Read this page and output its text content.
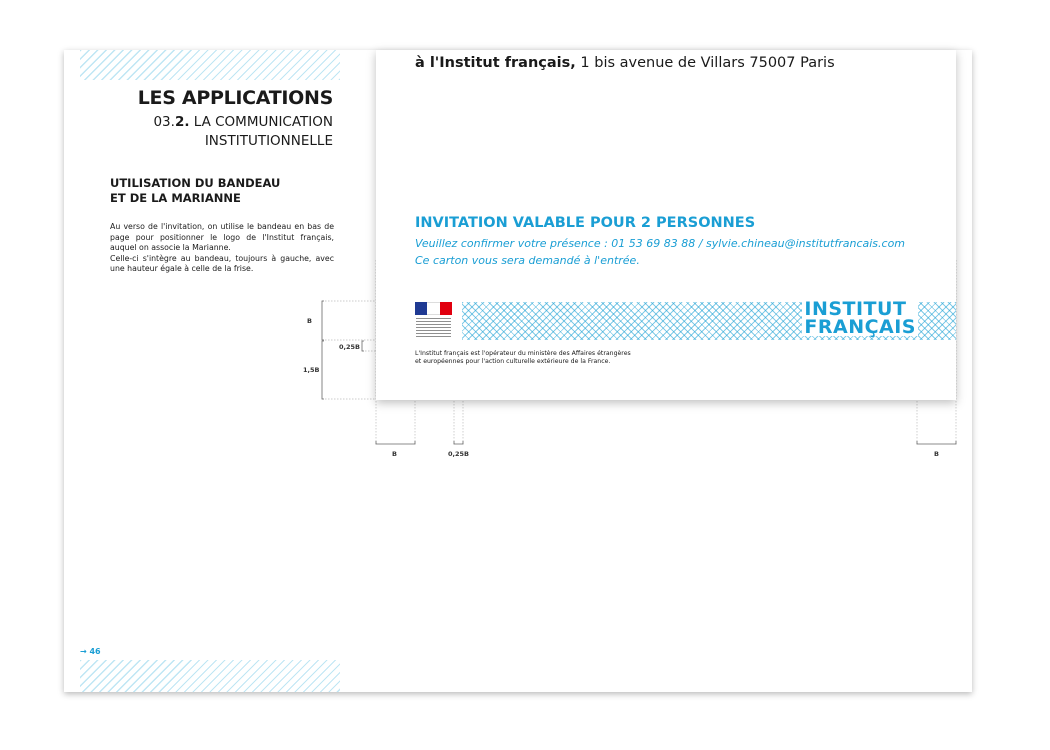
LES APPLICATIONS
03.2. LA COMMUNICATION
INSTITUTIONNELLE
UTILISATION DU BANDEAU
ET DE LA MARIANNE

Au verso de l'invitation, on utilise le bandeau en bas de page pour positionner le logo de l'Institut français, auquel on associe la Marianne.

Celle-ci s'intègre au bandeau, toujours à gauche, avec une hauteur égale à celle de la frise.

→ 46
B
0,25B
1,5B
B	0,25B	B
à l'Institut français, 1 bis avenue de Villars 75007 Paris
INVITATION VALABLE POUR 2 PERSONNES
Veuillez confirmer votre présence : 01 53 69 83 88 / sylvie.chineau@institutfrancais.com
Ce carton vous sera demandé à l'entrée.
INSTITUT
FRANÇAIS
L'Institut français est l'opérateur du ministère des Affaires étrangères
et européennes pour l'action culturelle extérieure de la France.
